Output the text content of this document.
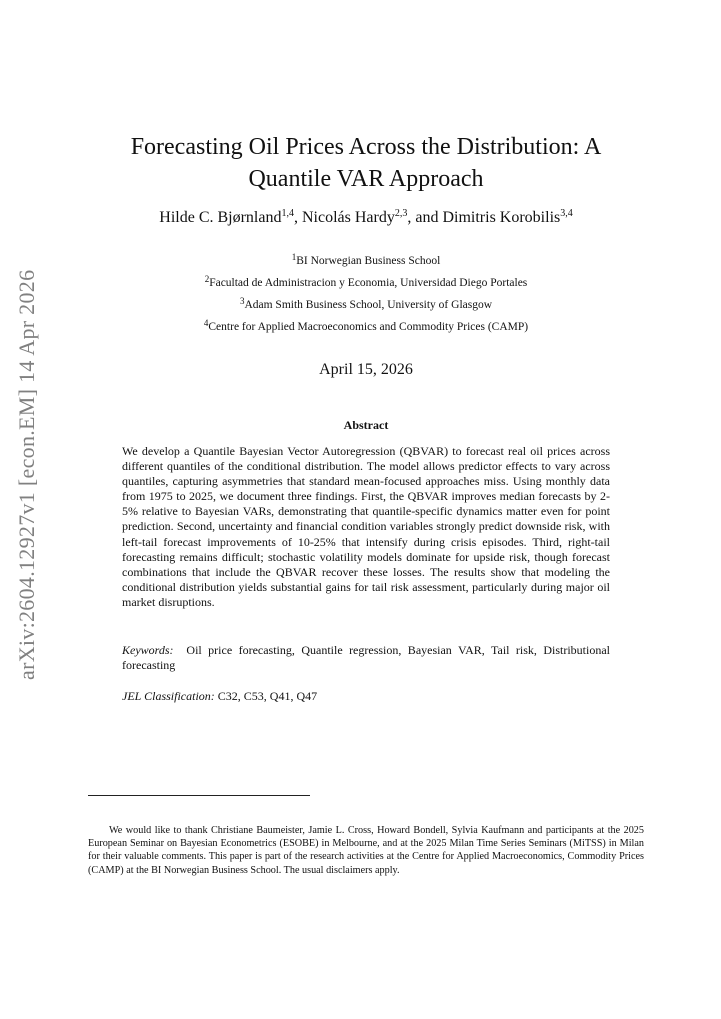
arXiv:2604.12927v1 [econ.EM] 14 Apr 2026
Forecasting Oil Prices Across the Distribution: A Quantile VAR Approach
Hilde C. Bjørnland$^{1,4}$, Nicolás Hardy$^{2,3}$, and Dimitris Korobilis$^{3,4}$
$^1$BI Norwegian Business School
$^2$Facultad de Administracion y Economia, Universidad Diego Portales
$^3$Adam Smith Business School, University of Glasgow
$^4$Centre for Applied Macroeconomics and Commodity Prices (CAMP)
April 15, 2026
Abstract
We develop a Quantile Bayesian Vector Autoregression (QBVAR) to forecast real oil prices across different quantiles of the conditional distribution. The model allows predictor effects to vary across quantiles, capturing asymmetries that standard mean-focused approaches miss. Using monthly data from 1975 to 2025, we document three findings. First, the QBVAR improves median forecasts by 2-5% relative to Bayesian VARs, demonstrating that quantile-specific dynamics matter even for point prediction. Second, uncertainty and financial condition variables strongly predict downside risk, with left-tail forecast improvements of 10-25% that intensify during crisis episodes. Third, right-tail forecasting remains difficult; stochastic volatility models dominate for upside risk, though forecast combinations that include the QBVAR recover these losses. The results show that modeling the conditional distribution yields substantial gains for tail risk assessment, particularly during major oil market disruptions.
Keywords: Oil price forecasting, Quantile regression, Bayesian VAR, Tail risk, Distributional forecasting
JEL Classification: C32, C53, Q41, Q47
We would like to thank Christiane Baumeister, Jamie L. Cross, Howard Bondell, Sylvia Kaufmann and participants at the 2025 European Seminar on Bayesian Econometrics (ESOBE) in Melbourne, and at the 2025 Milan Time Series Seminars (MiTSS) in Milan for their valuable comments. This paper is part of the research activities at the Centre for Applied Macroeconomics, Commodity Prices (CAMP) at the BI Norwegian Business School. The usual disclaimers apply.
